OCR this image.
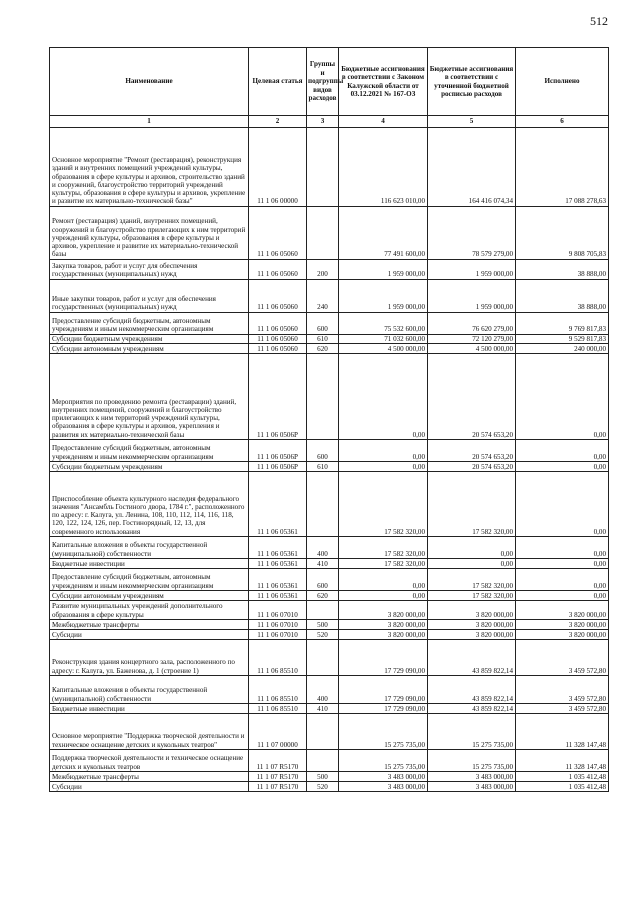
512
Наименование	Целевая статья	Группы и подгруппы видов расходов	Бюджетные ассигнования в соответствии с Законом Калужской области от 03.12.2021 № 167-ОЗ	Бюджетные ассигнования в соответствии с уточненной бюджетной росписью расходов	Исполнено
1	2	3	4	5	6
Основное мероприятие "Ремонт (реставрация), реконструкция зданий и внутренних помещений учреждений культуры, образования в сфере культуры и архивов, строительство зданий и сооружений, благоустройство территорий учреждений культуры, образования в сфере культуры и архивов, укрепление и развитие их материально-технической базы"	11 1 06 00000		116 623 010,00	164 416 074,34	17 088 278,63
Ремонт (реставрация) зданий, внутренних помещений, сооружений и благоустройство прилегающих к ним территорий учреждений культуры, образования в сфере культуры и архивов, укрепление и развитие их материально-технической базы	11 1 06 05060		77 491 600,00	78 579 279,00	9 808 705,83
Закупка товаров, работ и услуг для обеспечения государственных (муниципальных) нужд	11 1 06 05060	200	1 959 000,00	1 959 000,00	38 888,00
Иные закупки товаров, работ и услуг для обеспечения государственных (муниципальных) нужд	11 1 06 05060	240	1 959 000,00	1 959 000,00	38 888,00
Предоставление субсидий бюджетным, автономным учреждениям и иным некоммерческим организациям	11 1 06 05060	600	75 532 600,00	76 620 279,00	9 769 817,83
Субсидии бюджетным учреждениям	11 1 06 05060	610	71 032 600,00	72 120 279,00	9 529 817,83
Субсидии автономным учреждениям	11 1 06 05060	620	4 500 000,00	4 500 000,00	240 000,00
Мероприятия по проведению ремонта (реставрации) зданий, внутренних помещений, сооружений и благоустройство прилегающих к ним территорий учреждений культуры, образования в сфере культуры и архивов, укрепления и развития их материально-технической базы	11 1 06 0506Р		0,00	20 574 653,20	0,00
Предоставление субсидий бюджетным, автономным учреждениям и иным некоммерческим организациям	11 1 06 0506Р	600	0,00	20 574 653,20	0,00
Субсидии бюджетным учреждениям	11 1 06 0506Р	610	0,00	20 574 653,20	0,00
Приспособление объекта культурного наследия федерального значения "Ансамбль Гостиного двора, 1784 г.", расположенного по адресу: г. Калуга, ул. Ленина, 108, 110, 112, 114, 116, 118, 120, 122, 124, 126, пер. Гостинорядный, 12, 13, для современного использования	11 1 06 05361		17 582 320,00	17 582 320,00	0,00
Капитальные вложения в объекты государственной (муниципальной) собственности	11 1 06 05361	400	17 582 320,00	0,00	0,00
Бюджетные инвестиции	11 1 06 05361	410	17 582 320,00	0,00	0,00
Предоставление субсидий бюджетным, автономным учреждениям и иным некоммерческим организациям	11 1 06 05361	600	0,00	17 582 320,00	0,00
Субсидии автономным учреждениям	11 1 06 05361	620	0,00	17 582 320,00	0,00
Развитие муниципальных учреждений дополнительного образования в сфере культуры	11 1 06 07010		3 820 000,00	3 820 000,00	3 820 000,00
Межбюджетные трансферты	11 1 06 07010	500	3 820 000,00	3 820 000,00	3 820 000,00
Субсидии	11 1 06 07010	520	3 820 000,00	3 820 000,00	3 820 000,00
Реконструкция здания концертного зала, расположенного по адресу: г. Калуга, ул. Баженова, д. 1 (строение 1)	11 1 06 85510		17 729 090,00	43 859 822,14	3 459 572,80
Капитальные вложения в объекты государственной (муниципальной) собственности	11 1 06 85510	400	17 729 090,00	43 859 822,14	3 459 572,80
Бюджетные инвестиции	11 1 06 85510	410	17 729 090,00	43 859 822,14	3 459 572,80
Основное мероприятие "Поддержка творческой деятельности и техническое оснащение детских и кукольных театров"	11 1 07 00000		15 275 735,00	15 275 735,00	11 328 147,48
Поддержка творческой деятельности и техническое оснащение детских и кукольных театров	11 1 07 R5170		15 275 735,00	15 275 735,00	11 328 147,48
Межбюджетные трансферты	11 1 07 R5170	500	3 483 000,00	3 483 000,00	1 035 412,48
Субсидии	11 1 07 R5170	520	3 483 000,00	3 483 000,00	1 035 412,48
